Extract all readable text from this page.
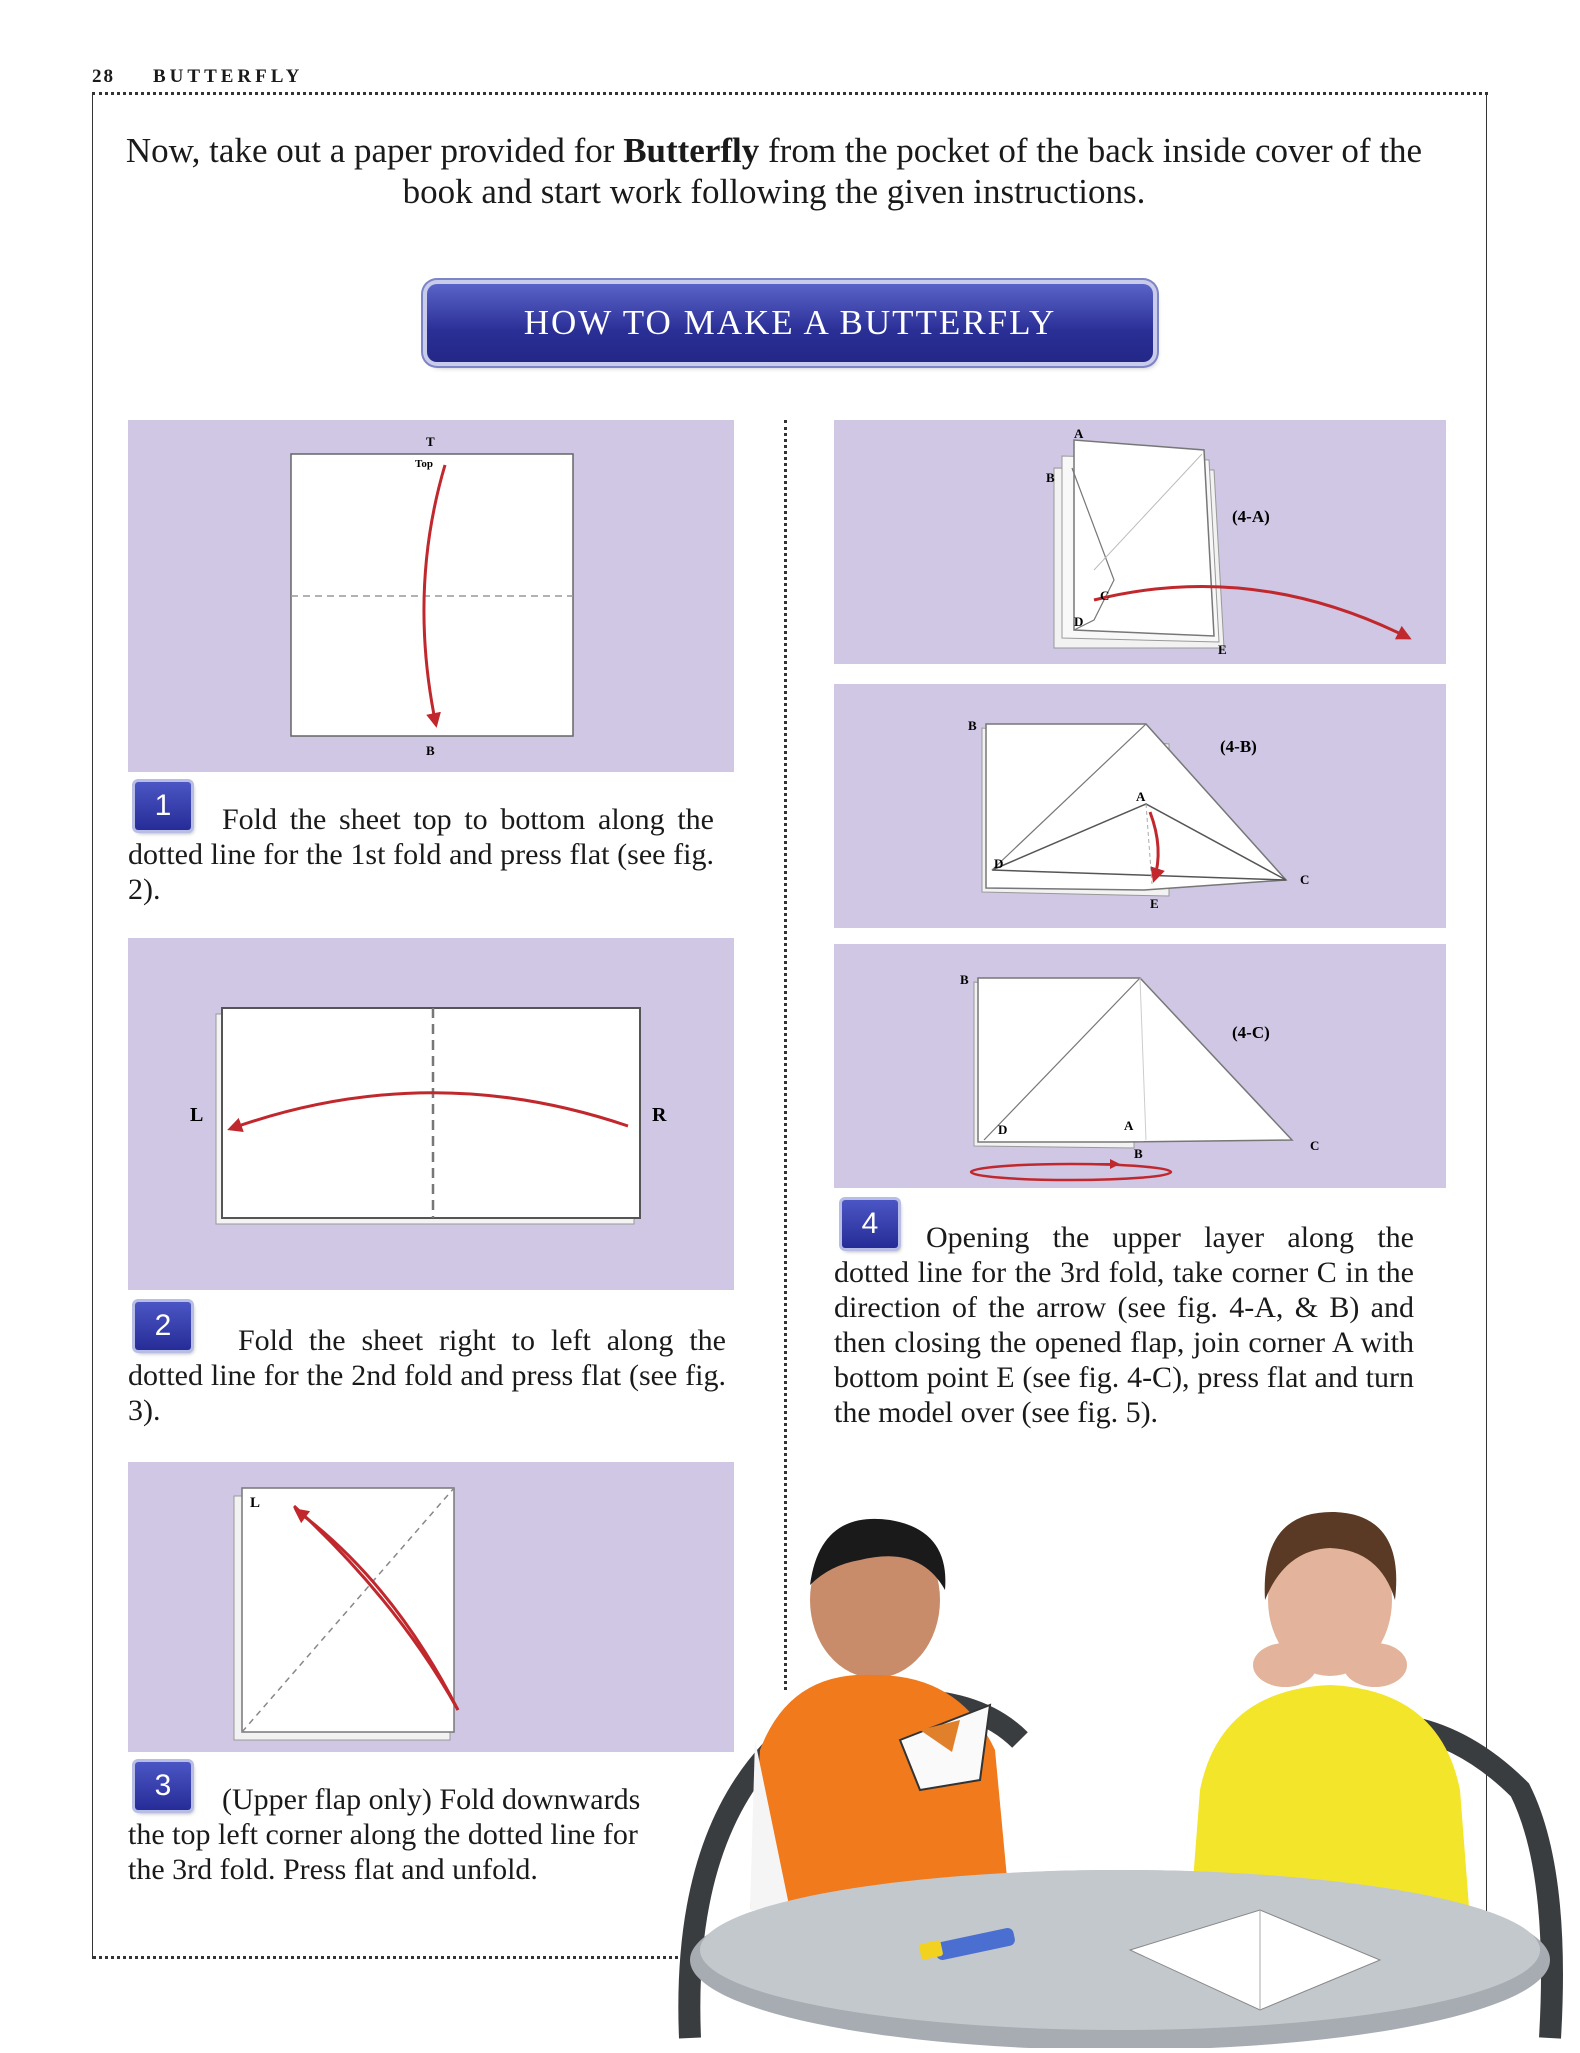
28 BUTTERFLY
Now, take out a paper provided for Butterfly from the pocket of the back inside cover of the book and start work following the given instructions.
HOW TO MAKE A BUTTERFLY
T
Top
B
1	Fold the sheet top to bottom along the dotted line for the 1st fold and press flat (see fig. 2).
L	R
2	Fold the sheet right to left along the dotted line for the 2nd fold and press flat (see fig. 3).
L
3	(Upper flap only) Fold downwards the top left corner along the dotted line for the 3rd fold. Press flat and unfold.
A
B
C
D
E
(4-A)
B
A
D
C
E
(4-B)
B
D	A
B
C
(4-C)
4	Opening the upper layer along the dotted line for the 3rd fold, take corner C in the direction of the arrow (see fig. 4-A, & B) and then closing the opened flap, join corner A with bottom point E (see fig. 4-C), press flat and turn the model over (see fig. 5).
